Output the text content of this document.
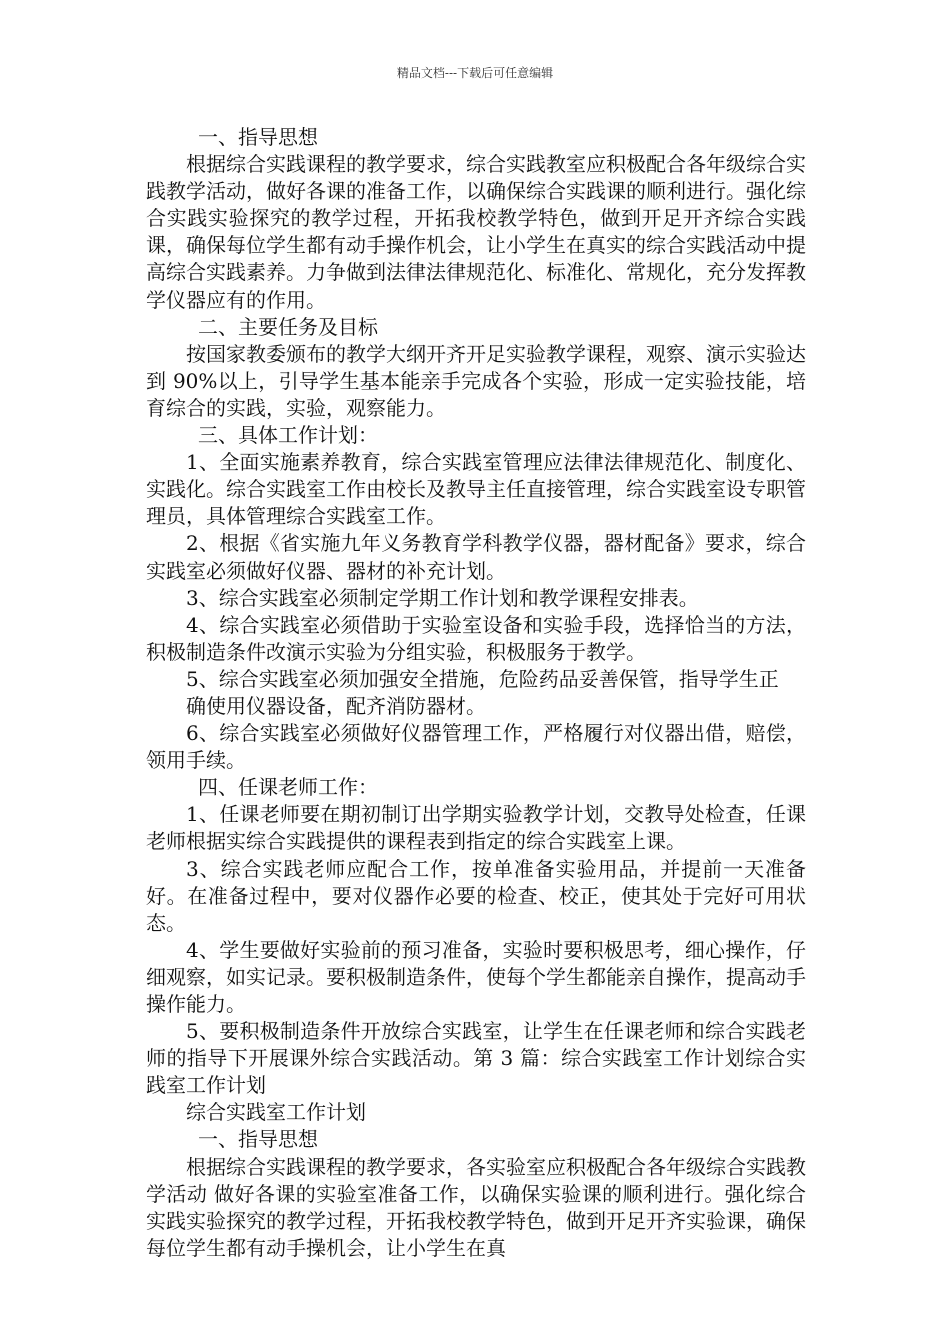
精品文档---下载后可任意编辑

一、指导思想

根据综合实践课程的教学要求，综合实践教室应积极配合各年级综合实践教学活动，做好各课的准备工作，以确保综合实践课的顺利进行。强化综合实践实验探究的教学过程，开拓我校教学特色，做到开足开齐综合实践课，确保每位学生都有动手操作机会，让小学生在真实的综合实践活动中提高综合实践素养。力争做到法律法律规范化、标准化、常规化，充分发挥教学仪器应有的作用。

二、主要任务及目标

按国家教委颁布的教学大纲开齐开足实验教学课程，观察、演示实验达到 90%以上，引导学生基本能亲手完成各个实验，形成一定实验技能，培育综合的实践，实验，观察能力。

三、具体工作计划：

1、全面实施素养教育，综合实践室管理应法律法律规范化、制度化、实践化。综合实践室工作由校长及教导主任直接管理，综合实践室设专职管理员，具体管理综合实践室工作。

2、根据《省实施九年义务教育学科教学仪器，器材配备》要求，综合实践室必须做好仪器、器材的补充计划。

3、综合实践室必须制定学期工作计划和教学课程安排表。

4、综合实践室必须借助于实验室设备和实验手段，选择恰当的方法，积极制造条件改演示实验为分组实验，积极服务于教学。

5、综合实践室必须加强安全措施，危险药品妥善保管，指导学生正

确使用仪器设备，配齐消防器材。

6、综合实践室必须做好仪器管理工作，严格履行对仪器出借，赔偿，领用手续。

四、任课老师工作：

1、任课老师要在期初制订出学期实验教学计划，交教导处检查，任课老师根据实综合实践提供的课程表到指定的综合实践室上课。

3、综合实践老师应配合工作，按单准备实验用品，并提前一天准备好。在准备过程中，要对仪器作必要的检查、校正，使其处于完好可用状态。

4、学生要做好实验前的预习准备，实验时要积极思考，细心操作，仔细观察，如实记录。要积极制造条件，使每个学生都能亲自操作，提高动手操作能力。

5、要积极制造条件开放综合实践室，让学生在任课老师和综合实践老师的指导下开展课外综合实践活动。第 3 篇：综合实践室工作计划综合实践室工作计划

综合实践室工作计划

一、指导思想

根据综合实践课程的教学要求，各实验室应积极配合各年级综合实践教学活动 做好各课的实验室准备工作，以确保实验课的顺利进行。强化综合实践实验探究的教学过程，开拓我校教学特色，做到开足开齐实验课，确保每位学生都有动手操机会，让小学生在真
